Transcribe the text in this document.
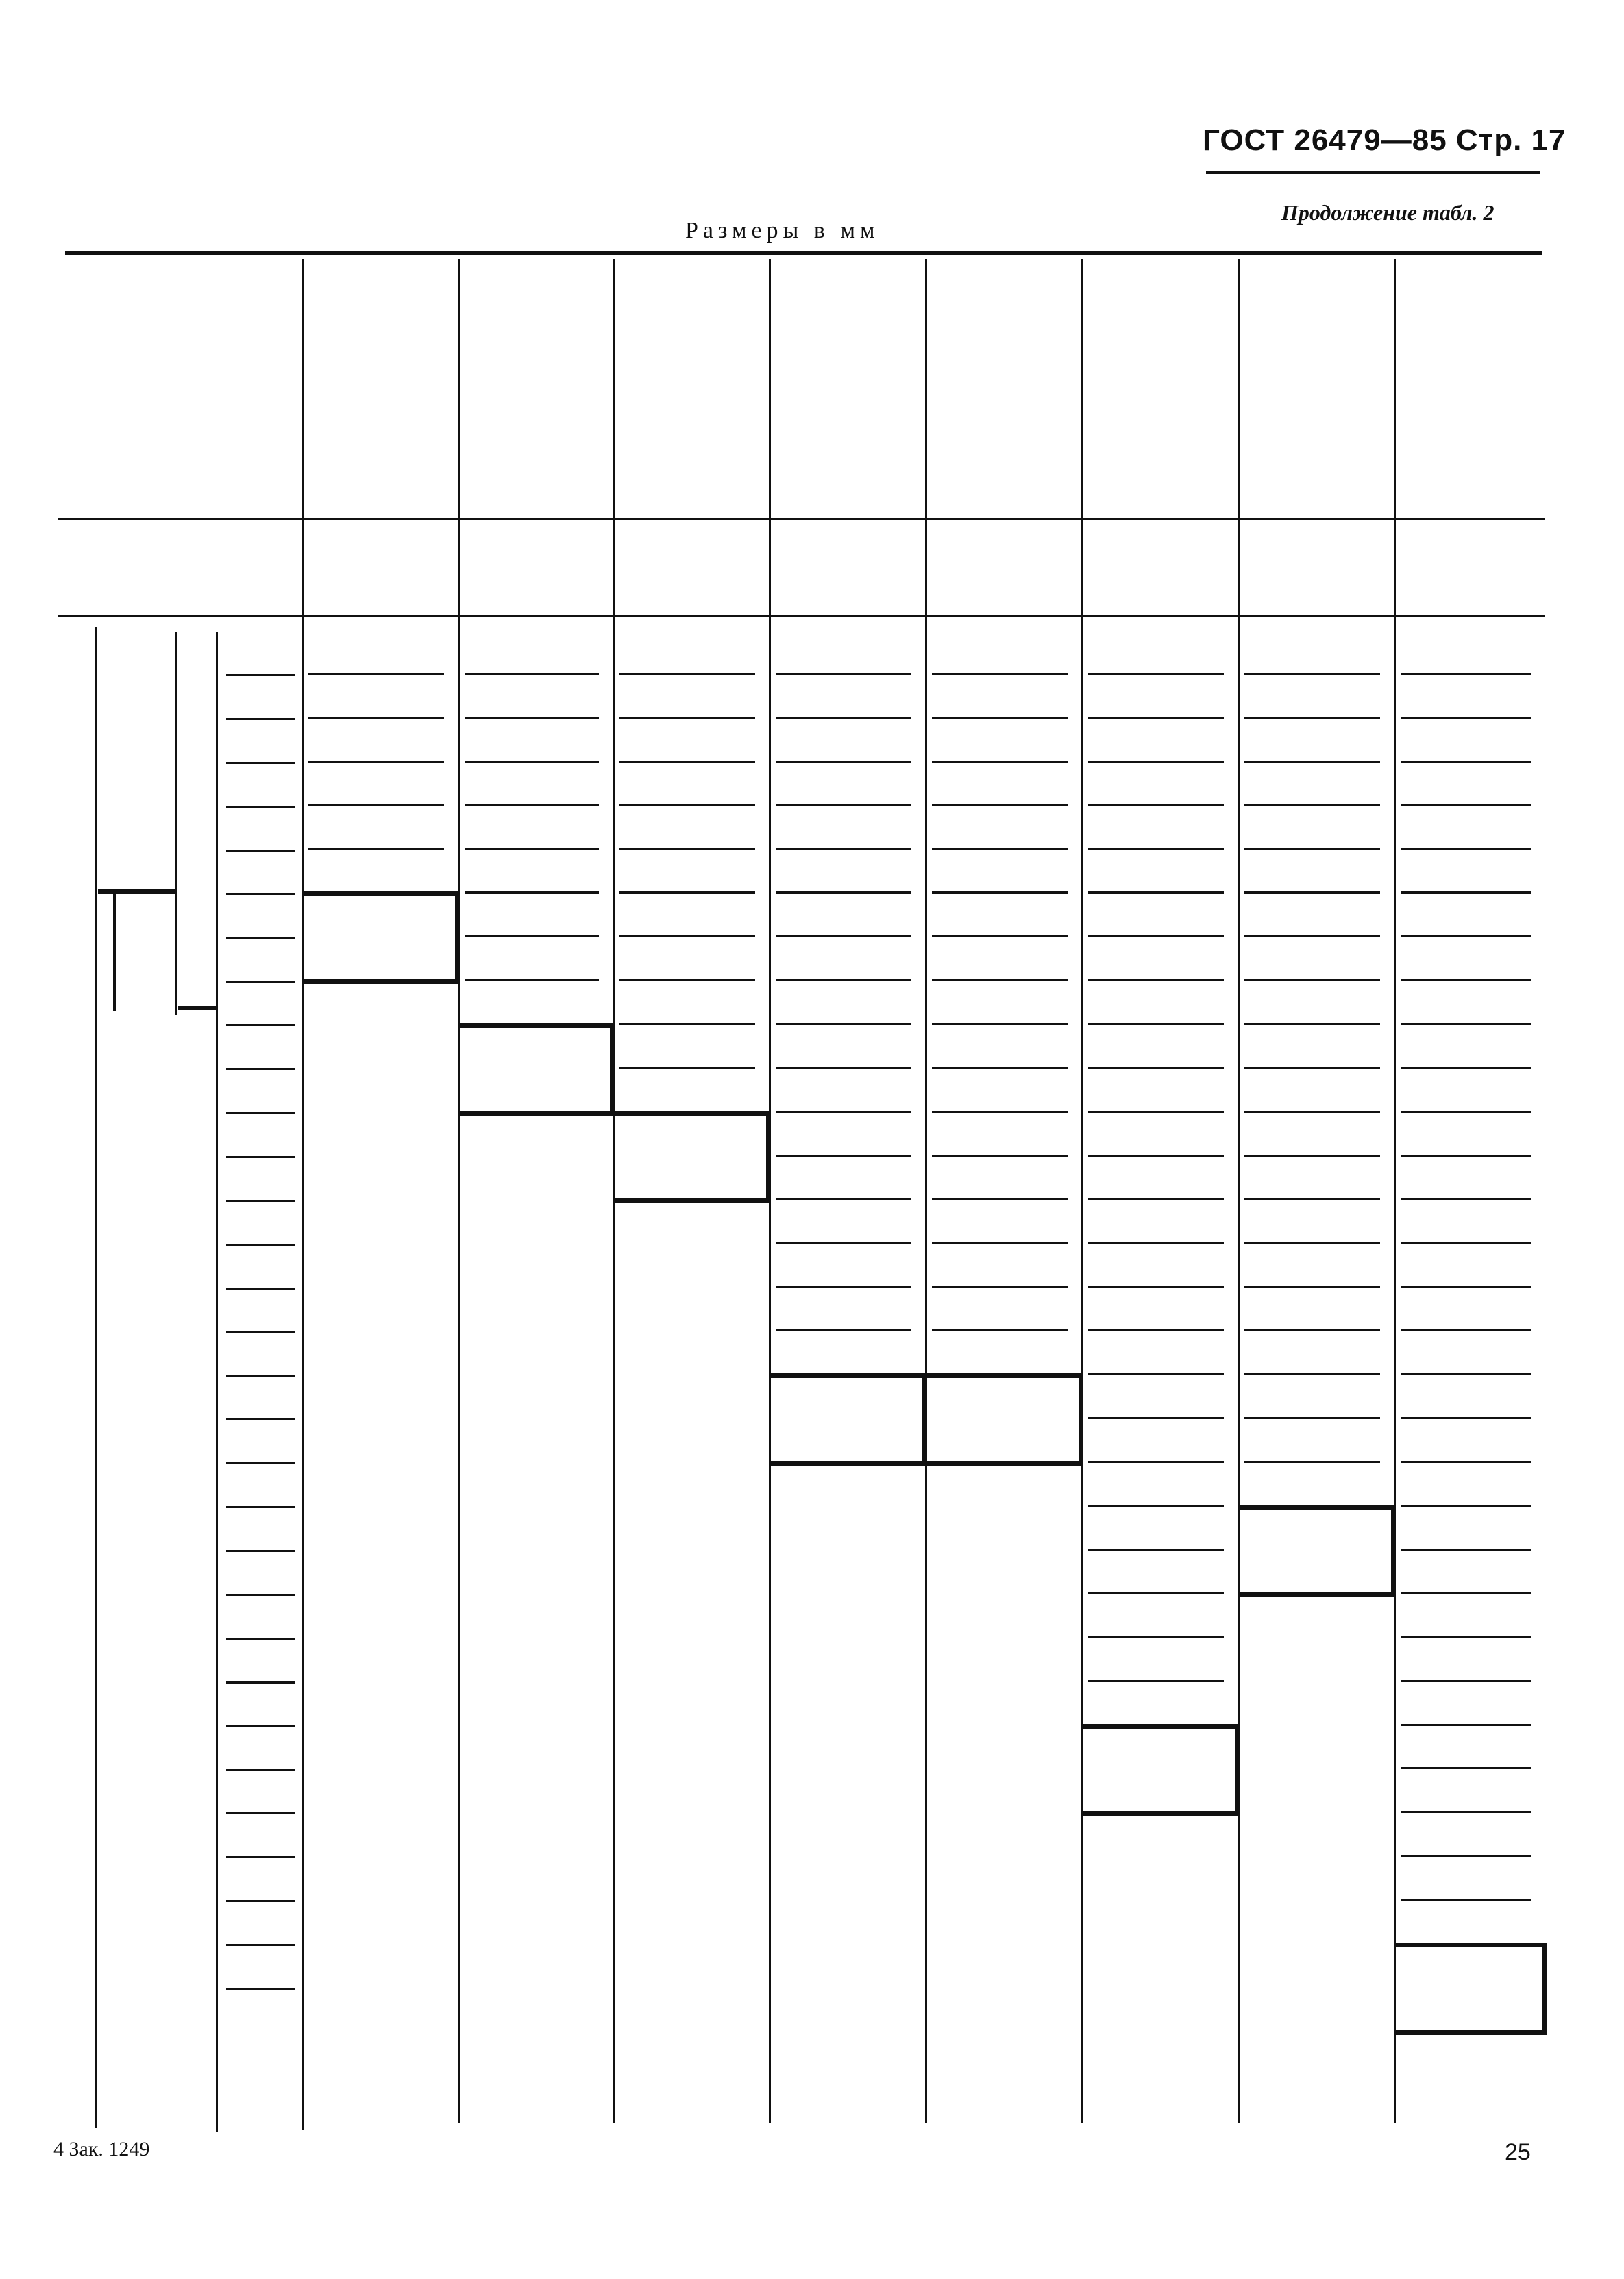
ГОСТ 26479—85 Стр. 17
Продолжение табл. 2
Размеры в мм
4 Зак. 1249	25
